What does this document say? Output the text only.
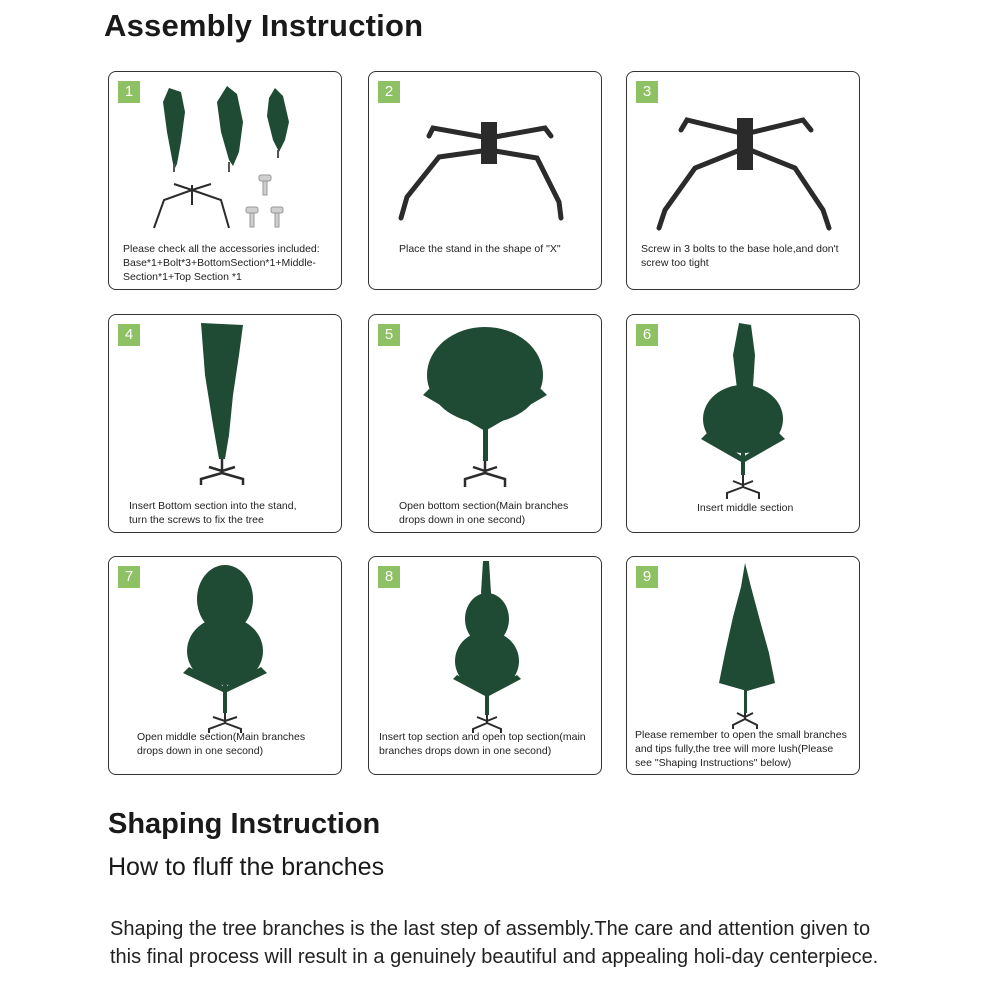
Assembly Instruction
1
Please check all the accessories included:
Base*1+Bolt*3+BottomSection*1+Middle-
Section*1+Top Section *1
2
Place the stand in the shape of "X"
3
Screw in 3 bolts to the base hole,and don't
screw too tight
4
Insert Bottom section into the stand,
turn the screws to fix the tree
5
Open bottom section(Main branches
drops down in one second)
6
Insert middle section
7
Open middle section(Main branches
drops down in one second)
8
Insert top section and open top section(main
branches drops down in one second)
9
Please remember to open the small branches
and tips fully,the tree will more lush(Please
see "Shaping Instructions" below)
Shaping Instruction
How to fluff the branches

Shaping the tree branches is the last step of assembly.The care and attention given to this final process will result in a genuinely beautiful and appealing holi-day centerpiece.
